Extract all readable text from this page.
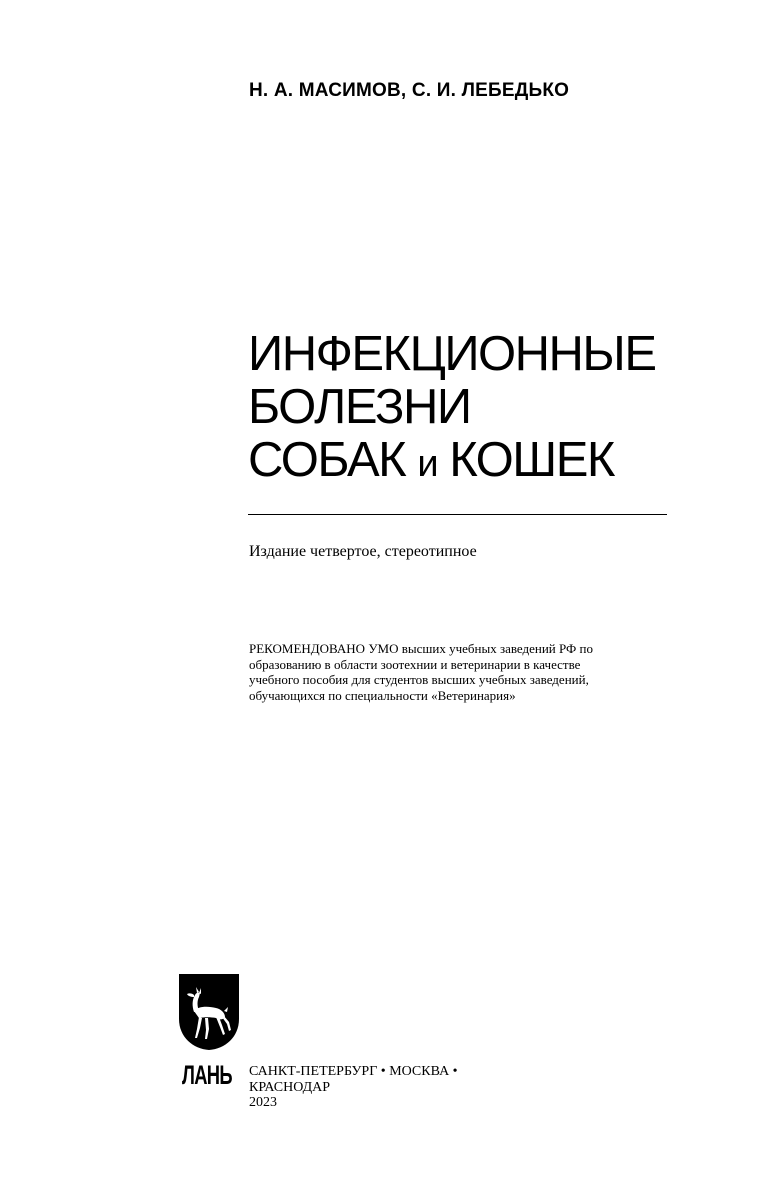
Н. А. МАСИМОВ, С. И. ЛЕБЕДЬКО
ИНФЕКЦИОННЫЕ
БОЛЕЗНИ
СОБАК и КОШЕК
Издание четвертое, стереотипное
РЕКОМЕНДОВАНО УМО высших учебных заведений РФ по
образованию в области зоотехнии и ветеринарии в качестве
учебного пособия для студентов высших учебных заведений,
обучающихся по специальности «Ветеринария»
ЛАНЬ САНКТ-ПЕТЕРБУРГ • МОСКВА •
КРАСНОДАР
2023
